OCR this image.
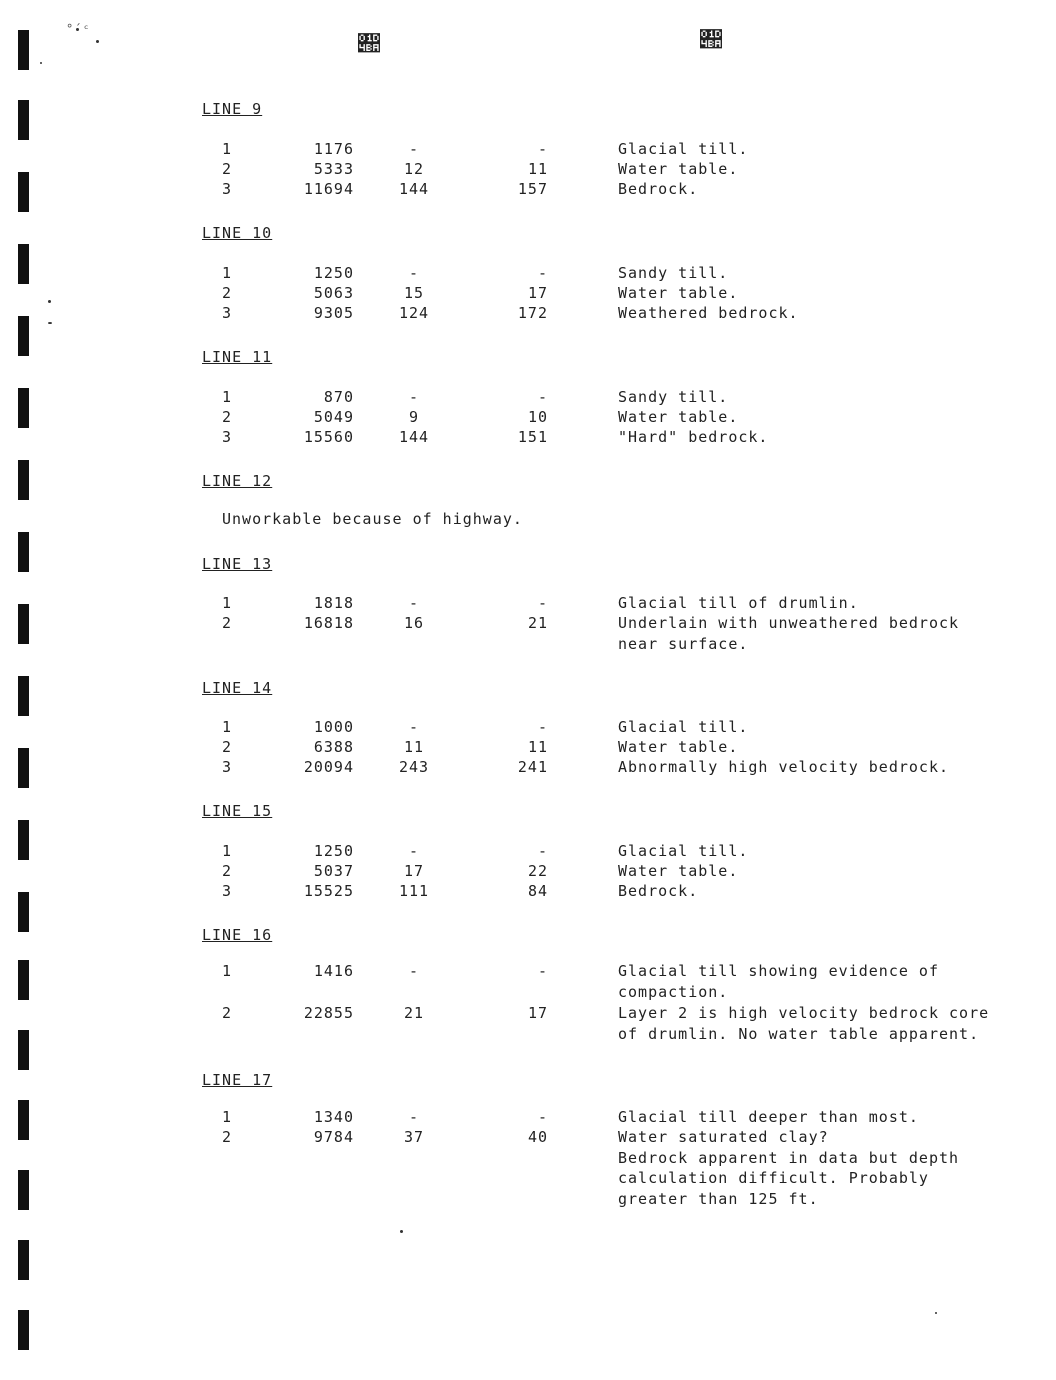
𝒺	𝒺
LINE 9
1	1176	-	-	Glacial till.
2	5333	12	11	Water table.
3	11694	144	157	Bedrock.
LINE 10
1	1250	-	-	Sandy till.
2	5063	15	17	Water table.
3	9305	124	172	Weathered bedrock.
LINE 11
1	870	-	-	Sandy till.
2	5049	9	10	Water table.
3	15560	144	151	"Hard" bedrock.
LINE 12
Unworkable because of highway.
LINE 13
1	1818	-	-	Glacial till of drumlin.
2	16818	16	21	Underlain with unweathered bedrock
near surface.
LINE 14
1	1000	-	-	Glacial till.
2	6388	11	11	Water table.
3	20094	243	241	Abnormally high velocity bedrock.
LINE 15
1	1250	-	-	Glacial till.
2	5037	17	22	Water table.
3	15525	111	84	Bedrock.
LINE 16
1	1416	-	-	Glacial till showing evidence of
compaction.
2	22855	21	17	Layer 2 is high velocity bedrock core
of drumlin. No water table apparent.
LINE 17
1	1340	-	-	Glacial till deeper than most.
2	9784	37	40	Water saturated clay?
Bedrock apparent in data but depth
calculation difficult. Probably
greater than 125 ft.
°´ᶜ
